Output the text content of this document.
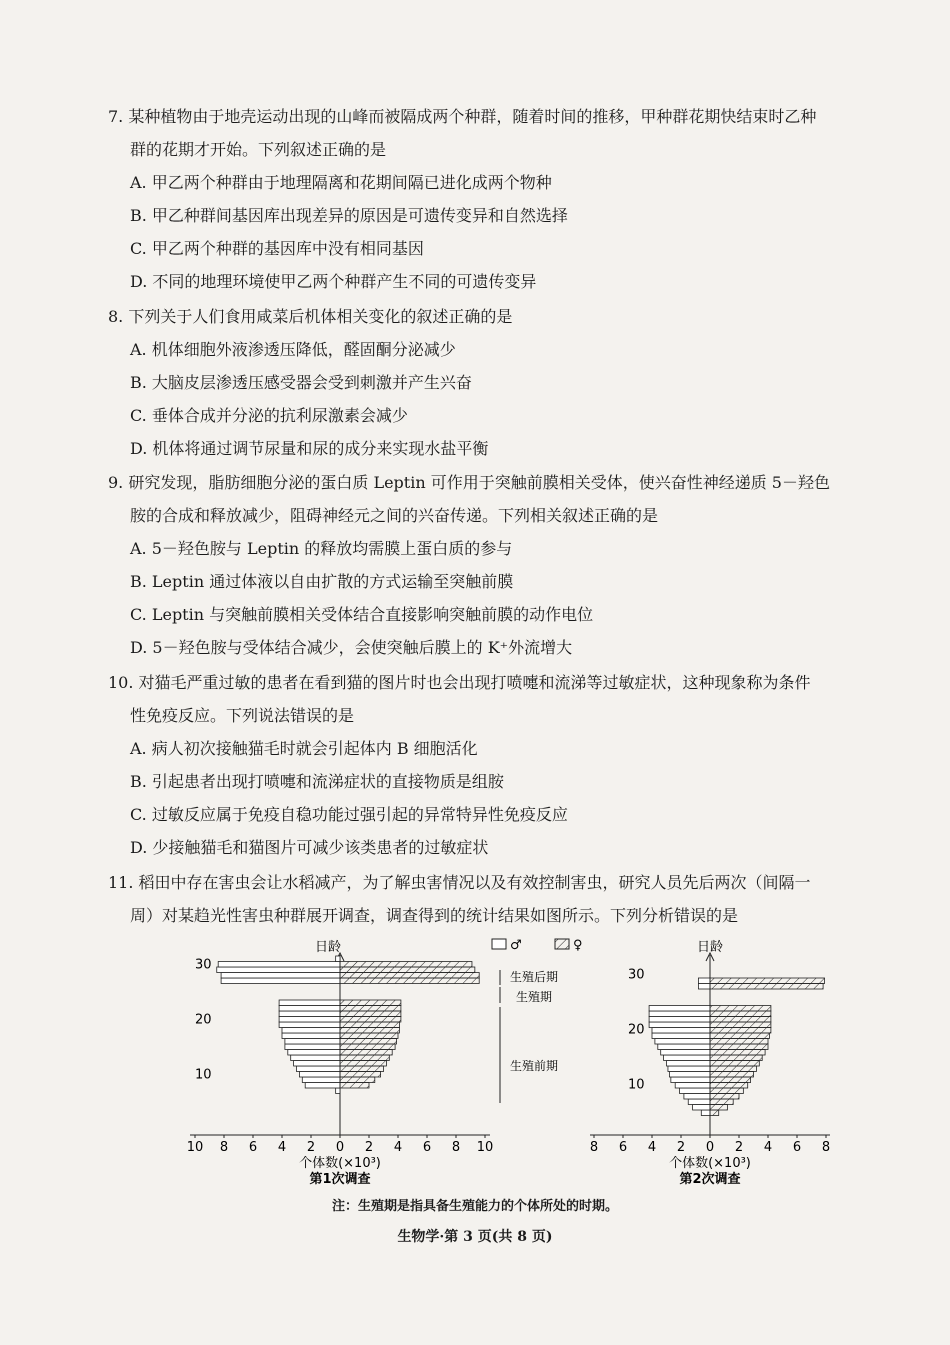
7. 某种植物由于地壳运动出现的山峰而被隔成两个种群，随着时间的推移，甲种群花期快结束时乙种
群的花期才开始。下列叙述正确的是
A. 甲乙两个种群由于地理隔离和花期间隔已进化成两个物种
B. 甲乙种群间基因库出现差异的原因是可遗传变异和自然选择
C. 甲乙两个种群的基因库中没有相同基因
D. 不同的地理环境使甲乙两个种群产生不同的可遗传变异
8. 下列关于人们食用咸菜后机体相关变化的叙述正确的是
A. 机体细胞外液渗透压降低，醛固酮分泌减少
B. 大脑皮层渗透压感受器会受到刺激并产生兴奋
C. 垂体合成并分泌的抗利尿激素会减少
D. 机体将通过调节尿量和尿的成分来实现水盐平衡
9. 研究发现，脂肪细胞分泌的蛋白质 Leptin 可作用于突触前膜相关受体，使兴奋性神经递质 5－羟色
胺的合成和释放减少，阻碍神经元之间的兴奋传递。下列相关叙述正确的是
A. 5－羟色胺与 Leptin 的释放均需膜上蛋白质的参与
B. Leptin 通过体液以自由扩散的方式运输至突触前膜
C. Leptin 与突触前膜相关受体结合直接影响突触前膜的动作电位
D. 5－羟色胺与受体结合减少，会使突触后膜上的 K⁺外流增大
10. 对猫毛严重过敏的患者在看到猫的图片时也会出现打喷嚏和流涕等过敏症状，这种现象称为条件
性免疫反应。下列说法错误的是
A. 病人初次接触猫毛时就会引起体内 B 细胞活化
B. 引起患者出现打喷嚏和流涕症状的直接物质是组胺
C. 过敏反应属于免疫自稳功能过强引起的异常特异性免疫反应
D. 少接触猫毛和猫图片可减少该类患者的过敏症状
11. 稻田中存在害虫会让水稻减产，为了解虫害情况以及有效控制害虫，研究人员先后两次（间隔一
周）对某趋光性害虫种群展开调查，调查得到的统计结果如图所示。下列分析错误的是
日龄
10
20
30
10 8 6 4 2 0 2 4 6 8 10
个体数(×10³)
第1次调查
生殖后期
生殖期
生殖前期
日龄
10
20
30
8 6 4 2 0 2 4 6 8
个体数(×10³)
第2次调查
♂	♀
注：生殖期是指具备生殖能力的个体所处的时期。
生物学·第 3 页(共 8 页)
